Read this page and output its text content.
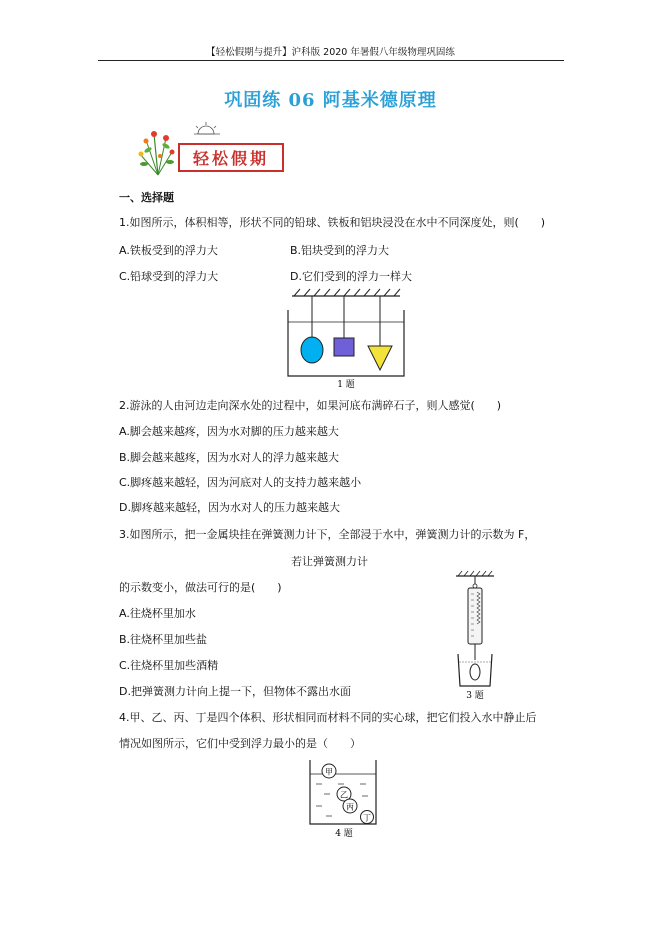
【轻松假期与提升】沪科版 2020 年暑假八年级物理巩固练
巩固练 06 阿基米德原理
轻松假期
一、选择题
1.如图所示，体积相等，形状不同的铅球、铁板和铝块浸没在水中不同深度处，则(　　)
A.铁板受到的浮力大	B.铝块受到的浮力大
C.铅球受到的浮力大	D.它们受到的浮力一样大
1 题
2.游泳的人由河边走向深水处的过程中，如果河底布满碎石子，则人感觉(　　)
A.脚会越来越疼，因为水对脚的压力越来越大
B.脚会越来越疼，因为水对人的浮力越来越大
C.脚疼越来越轻，因为河底对人的支持力越来越小
D.脚疼越来越轻，因为水对人的压力越来越大
3.如图所示，把一金属块挂在弹簧测力计下，全部浸于水中，弹簧测力计的示数为 F，
若让弹簧测力计
的示数变小，做法可行的是(　　)
A.往烧杯里加水
B.往烧杯里加些盐
C.往烧杯里加些酒精
D.把弹簧测力计向上提一下，但物体不露出水面	3 题
4.甲、乙、丙、丁是四个体积、形状相同而材料不同的实心球，把它们投入水中静止后
情况如图所示，它们中受到浮力最小的是（　　）
甲
乙
丙
丁
4 题
